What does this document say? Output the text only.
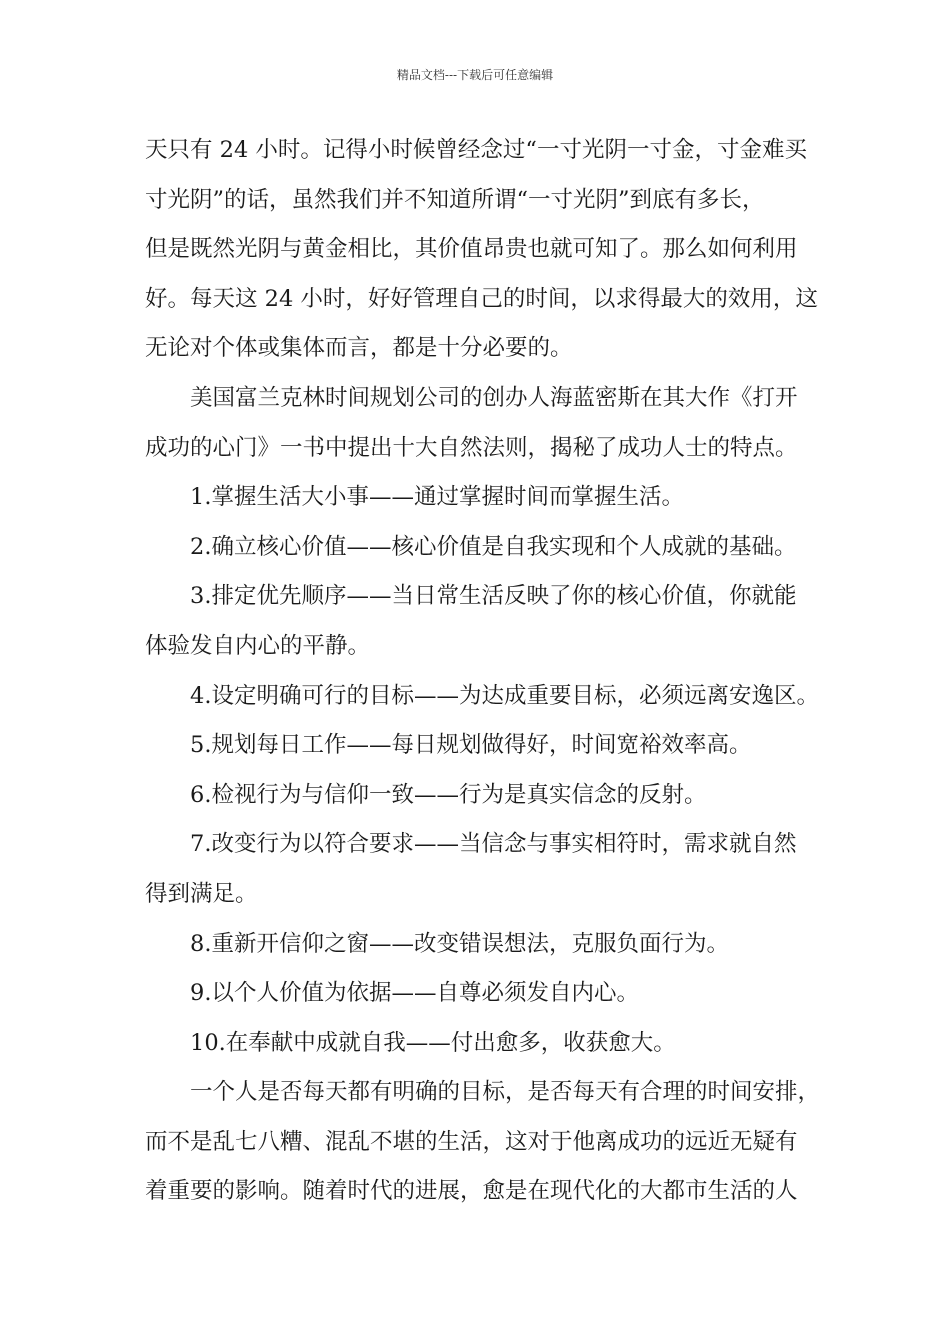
精品文档---下载后可任意编辑

天只有 24 小时。记得小时候曾经念过“一寸光阴一寸金，寸金难买

寸光阴”的话，虽然我们并不知道所谓“一寸光阴”到底有多长，

但是既然光阴与黄金相比，其价值昂贵也就可知了。那么如何利用

好。每天这 24 小时，好好管理自己的时间，以求得最大的效用，这

无论对个体或集体而言，都是十分必要的。

美国富兰克林时间规划公司的创办人海蓝密斯在其大作《打开

成功的心门》一书中提出十大自然法则，揭秘了成功人士的特点。

1.掌握生活大小事——通过掌握时间而掌握生活。

2.确立核心价值——核心价值是自我实现和个人成就的基础。

3.排定优先顺序——当日常生活反映了你的核心价值，你就能

体验发自内心的平静。

4.设定明确可行的目标——为达成重要目标，必须远离安逸区。

5.规划每日工作——每日规划做得好，时间宽裕效率高。

6.检视行为与信仰一致——行为是真实信念的反射。

7.改变行为以符合要求——当信念与事实相符时，需求就自然

得到满足。

8.重新开信仰之窗——改变错误想法，克服负面行为。

9.以个人价值为依据——自尊必须发自内心。

10.在奉献中成就自我——付出愈多，收获愈大。

一个人是否每天都有明确的目标，是否每天有合理的时间安排，

而不是乱七八糟、混乱不堪的生活，这对于他离成功的远近无疑有

着重要的影响。随着时代的进展，愈是在现代化的大都市生活的人
